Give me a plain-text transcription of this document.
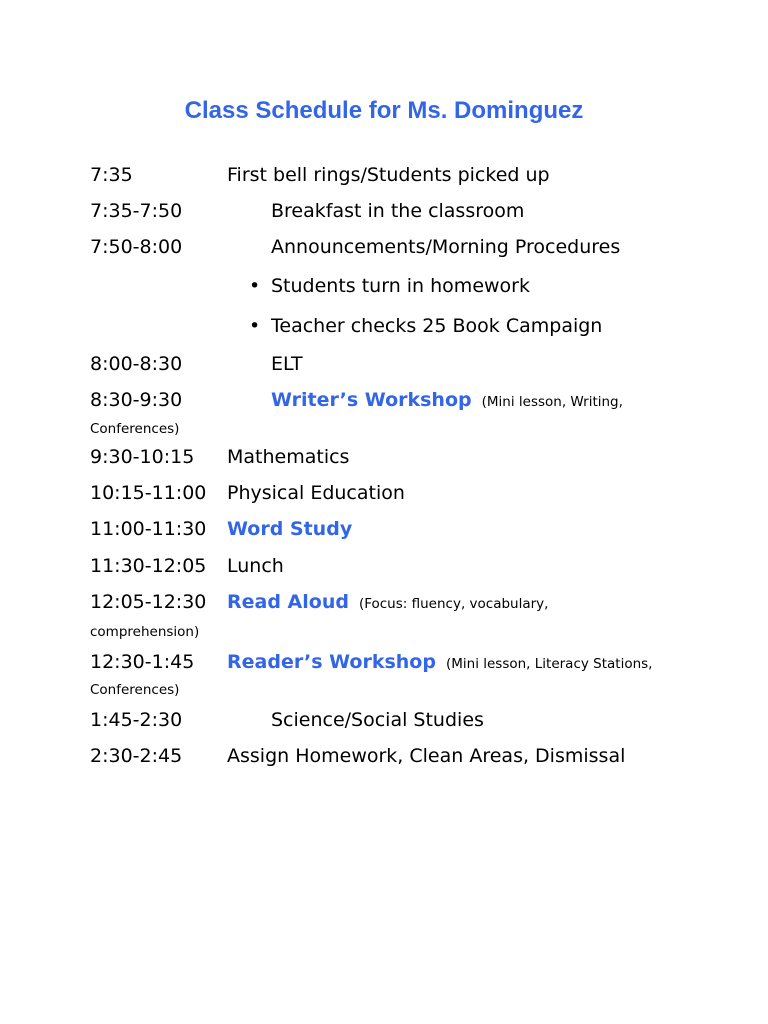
Class Schedule for Ms. Dominguez
7:35	First bell rings/Students picked up
7:35-7:50	Breakfast in the classroom
7:50-8:00	Announcements/Morning Procedures
• Students turn in homework
• Teacher checks 25 Book Campaign
8:00-8:30	ELT
8:30-9:30	Writer’s Workshop (Mini lesson, Writing,
Conferences)
9:30-10:15 Mathematics
10:15-11:00 Physical Education
11:00-11:30 Word Study
11:30-12:05 Lunch
12:05-12:30 Read Aloud (Focus: fluency, vocabulary,
comprehension)
12:30-1:45 Reader’s Workshop (Mini lesson, Literacy Stations,
Conferences)
1:45-2:30	Science/Social Studies
2:30-2:45 Assign Homework, Clean Areas, Dismissal
